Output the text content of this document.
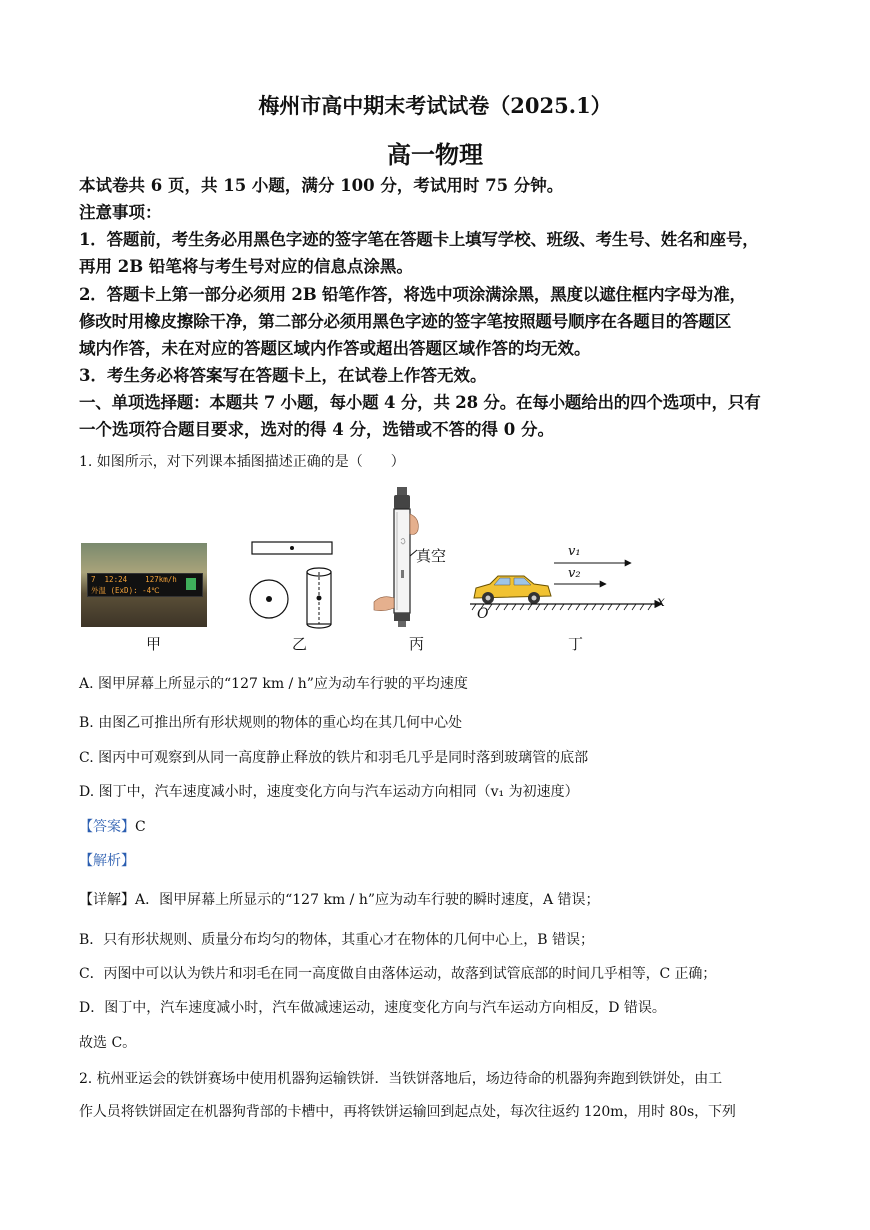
梅州市高中期末考试试卷（2025.1）
高一物理
本试卷共 6 页，共 15 小题，满分 100 分，考试用时 75 分钟。
注意事项：
1．答题前，考生务必用黑色字迹的签字笔在答题卡上填写学校、班级、考生号、姓名和座号，
再用 2B 铅笔将与考生号对应的信息点涂黑。
2．答题卡上第一部分必须用 2B 铅笔作答，将选中项涂满涂黑，黑度以遮住框内字母为准，
修改时用橡皮擦除干净，第二部分必须用黑色字迹的签字笔按照题号顺序在各题目的答题区
域内作答，未在对应的答题区域内作答或超出答题区域作答的均无效。
3．考生务必将答案写在答题卡上，在试卷上作答无效。
一、单项选择题：本题共 7 小题，每小题 4 分，共 28 分。在每小题给出的四个选项中，只有
一个选项符合题目要求，选对的得 4 分，选错或不答的得 0 分。
1. 如图所示，对下列课本插图描述正确的是（　　）
7  12:24    127km/h
外温 (ExD): -4℃
真空	v₁
v₂
O
x
甲	乙	丙	丁
A. 图甲屏幕上所显示的“127 km / h”应为动车行驶的平均速度
B. 由图乙可推出所有形状规则的物体的重心均在其几何中心处
C. 图丙中可观察到从同一高度静止释放的铁片和羽毛几乎是同时落到玻璃管的底部
D. 图丁中，汽车速度减小时，速度变化方向与汽车运动方向相同（v₁ 为初速度）
【答案】C
【解析】
【详解】A．图甲屏幕上所显示的“127 km / h”应为动车行驶的瞬时速度，A 错误；
B．只有形状规则、质量分布均匀的物体，其重心才在物体的几何中心上，B 错误；
C．丙图中可以认为铁片和羽毛在同一高度做自由落体运动，故落到试管底部的时间几乎相等，C 正确；
D．图丁中，汽车速度减小时，汽车做减速运动，速度变化方向与汽车运动方向相反，D 错误。
故选 C。
2. 杭州亚运会的铁饼赛场中使用机器狗运输铁饼．当铁饼落地后，场边待命的机器狗奔跑到铁饼处，由工
作人员将铁饼固定在机器狗背部的卡槽中，再将铁饼运输回到起点处，每次往返约 120m，用时 80s，下列
